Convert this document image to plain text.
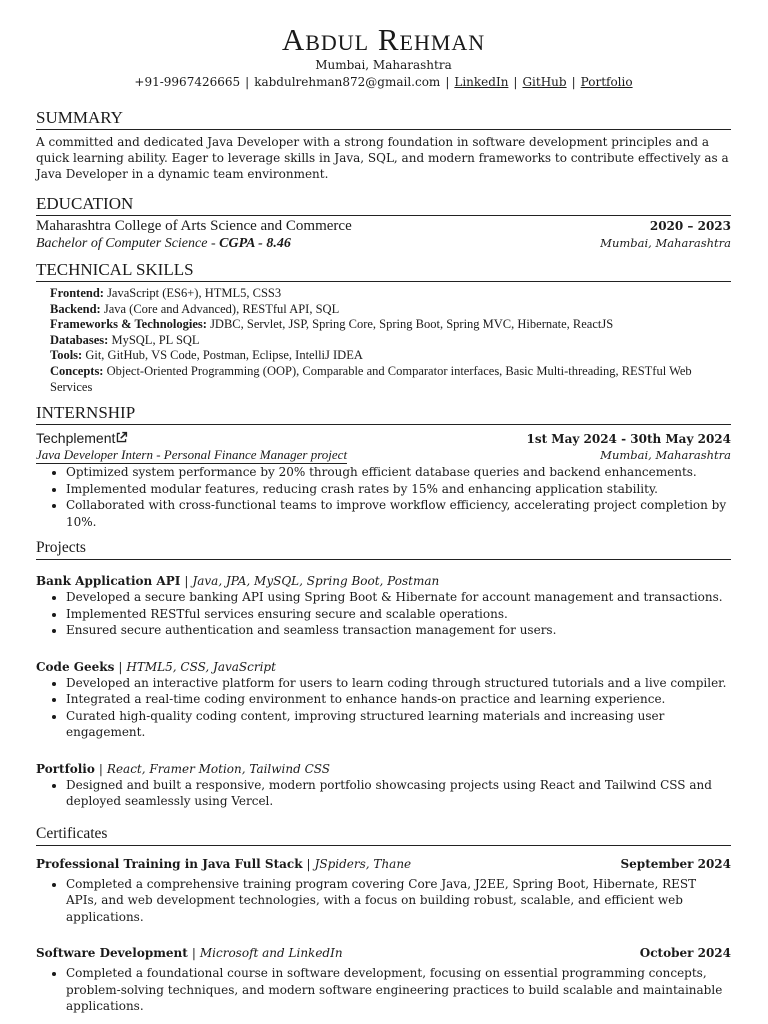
Abdul Rehman
Mumbai, Maharashtra
+91-9967426665 | kabdulrehman872@gmail.com | LinkedIn | GitHub | Portfolio
SUMMARY
A committed and dedicated Java Developer with a strong foundation in software development principles and a quick learning ability. Eager to leverage skills in Java, SQL, and modern frameworks to contribute effectively as a Java Developer in a dynamic team environment.
EDUCATION
Maharashtra College of Arts Science and Commerce	2020 – 2023
Bachelor of Computer Science - CGPA - 8.46	Mumbai, Maharashtra
TECHNICAL SKILLS
Frontend: JavaScript (ES6+), HTML5, CSS3
Backend: Java (Core and Advanced), RESTful API, SQL
Frameworks & Technologies: JDBC, Servlet, JSP, Spring Core, Spring Boot, Spring MVC, Hibernate, ReactJS
Databases: MySQL, PL SQL
Tools: Git, GitHub, VS Code, Postman, Eclipse, IntelliJ IDEA
Concepts: Object-Oriented Programming (OOP), Comparable and Comparator interfaces, Basic Multi-threading, RESTful Web Services
INTERNSHIP
Techplement	1st May 2024 - 30th May 2024
Java Developer Intern - Personal Finance Manager project	Mumbai, Maharashtra
• Optimized system performance by 20% through efficient database queries and backend enhancements.
• Implemented modular features, reducing crash rates by 15% and enhancing application stability.
• Collaborated with cross-functional teams to improve workflow efficiency, accelerating project completion by 10%.
Projects
Bank Application API | Java, JPA, MySQL, Spring Boot, Postman
• Developed a secure banking API using Spring Boot & Hibernate for account management and transactions.
• Implemented RESTful services ensuring secure and scalable operations.
• Ensured secure authentication and seamless transaction management for users.
Code Geeks | HTML5, CSS, JavaScript
• Developed an interactive platform for users to learn coding through structured tutorials and a live compiler.
• Integrated a real-time coding environment to enhance hands-on practice and learning experience.
• Curated high-quality coding content, improving structured learning materials and increasing user engagement.
Portfolio | React, Framer Motion, Tailwind CSS
• Designed and built a responsive, modern portfolio showcasing projects using React and Tailwind CSS and deployed seamlessly using Vercel.
Certificates
Professional Training in Java Full Stack | JSpiders, Thane	September 2024
• Completed a comprehensive training program covering Core Java, J2EE, Spring Boot, Hibernate, REST APIs, and web development technologies, with a focus on building robust, scalable, and efficient web applications.
Software Development | Microsoft and LinkedIn	October 2024
• Completed a foundational course in software development, focusing on essential programming concepts, problem-solving techniques, and modern software engineering practices to build scalable and maintainable applications.
